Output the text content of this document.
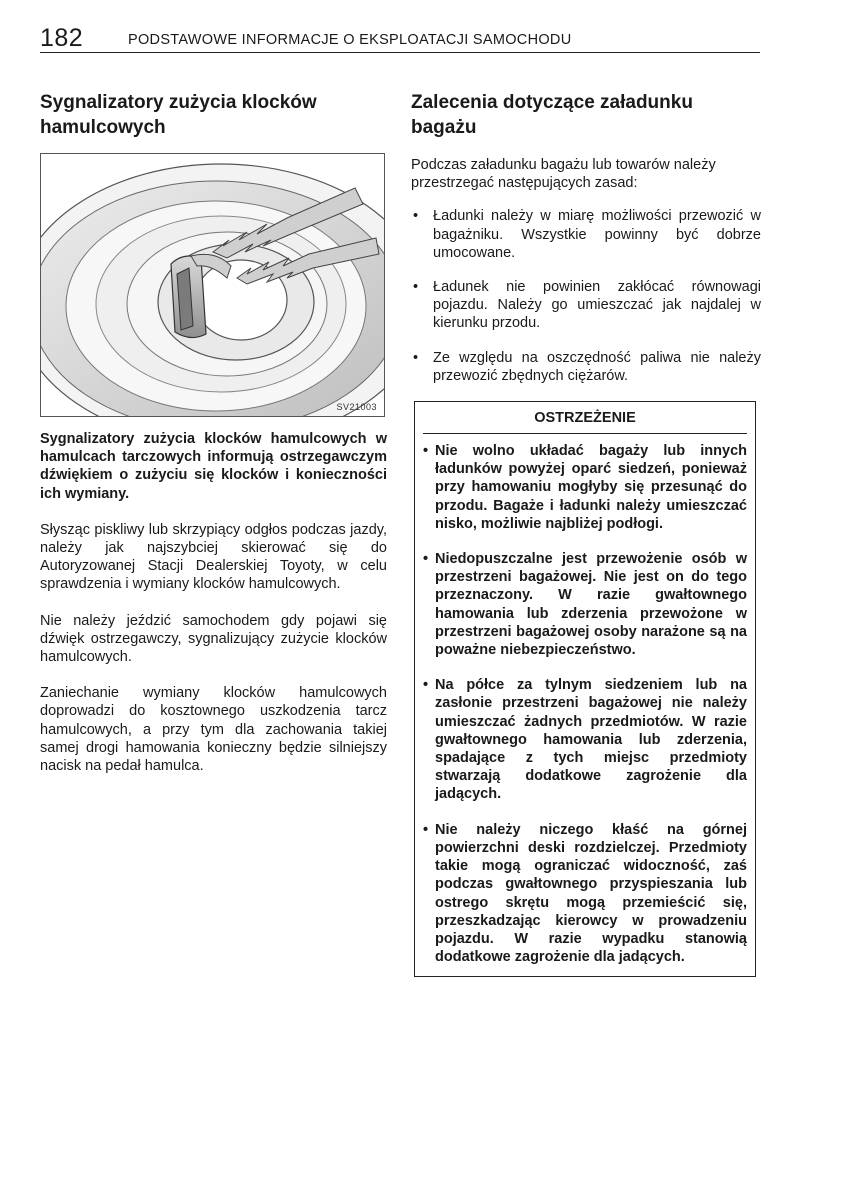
182	PODSTAWOWE INFORMACJE O EKSPLOATACJI SAMOCHODU
Sygnalizatory zużycia klocków hamulcowych
SV21003

Sygnalizatory zużycia klocków hamulcowych w hamulcach tarczowych informują ostrzegawczym dźwiękiem o zużyciu się klocków i konieczności ich wymiany.

Słysząc piskliwy lub skrzypiący odgłos podczas jazdy, należy jak najszybciej skierować się do Autoryzowanej Stacji Dealerskiej Toyoty, w celu sprawdzenia i wymiany klocków hamulcowych.

Nie należy jeździć samochodem gdy pojawi się dźwięk ostrzegawczy, sygnalizujący zużycie klocków hamulcowych.

Zaniechanie wymiany klocków hamulcowych doprowadzi do kosztownego uszkodzenia tarcz hamulcowych, a przy tym dla zachowania takiej samej drogi hamowania konieczny będzie silniejszy nacisk na pedał hamulca.

Zalecenia dotyczące załadunku bagażu

Podczas załadunku bagażu lub towarów należy przestrzegać następujących zasad:

• Ładunki należy w miarę możliwości przewozić w bagażniku. Wszystkie powinny być dobrze umocowane.
• Ładunek nie powinien zakłócać równowagi pojazdu. Należy go umieszczać jak najdalej w kierunku przodu.
• Ze względu na oszczędność paliwa nie należy przewozić zbędnych ciężarów.
OSTRZEŻENIE
• Nie wolno układać bagaży lub innych ładunków powyżej oparć siedzeń, ponieważ przy hamowaniu mogłyby się przesunąć do przodu. Bagaże i ładunki należy umieszczać nisko, możliwie najbliżej podłogi.
• Niedopuszczalne jest przewożenie osób w przestrzeni bagażowej. Nie jest on do tego przeznaczony. W razie gwałtownego hamowania lub zderzenia przewożone w przestrzeni bagażowej osoby narażone są na poważne niebezpieczeństwo.
• Na półce za tylnym siedzeniem lub na zasłonie przestrzeni bagażowej nie należy umieszczać żadnych przedmiotów. W razie gwałtownego hamowania lub zderzenia, spadające z tych miejsc przedmioty stwarzają dodatkowe zagrożenie dla jadących.
• Nie należy niczego kłaść na górnej powierzchni deski rozdzielczej. Przedmioty takie mogą ograniczać widoczność, zaś podczas gwałtownego przyspieszania lub ostrego skrętu mogą przemieścić się, przeszkadzając kierowcy w prowadzeniu pojazdu. W razie wypadku stanowią dodatkowe zagrożenie dla jadących.
